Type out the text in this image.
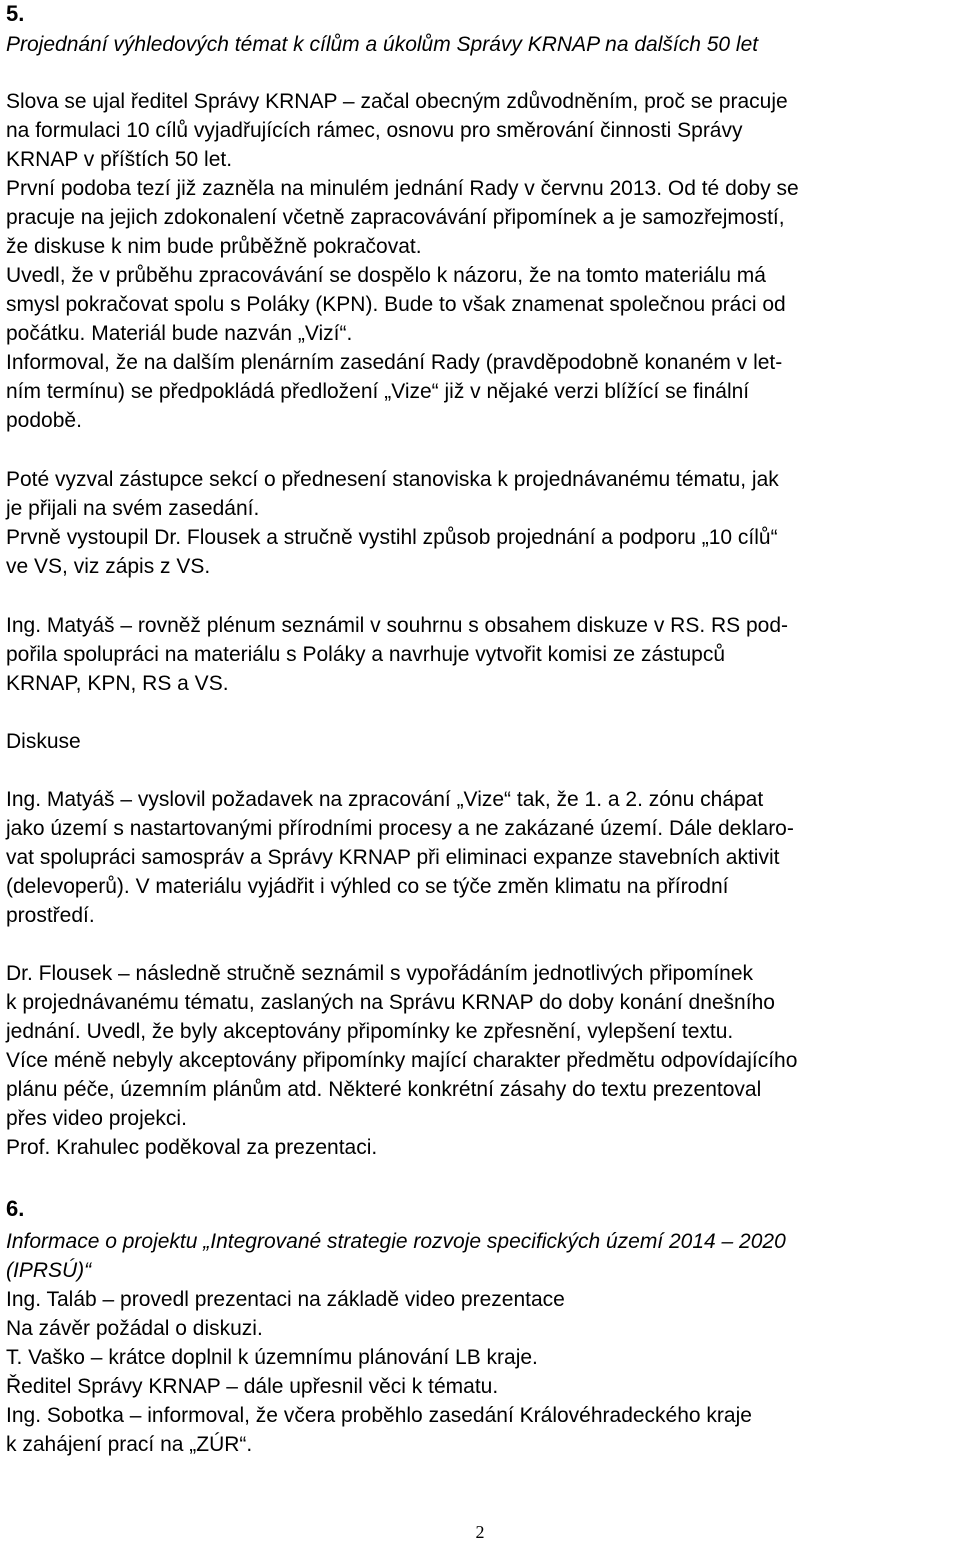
5.
Projednání výhledových témat k cílům a úkolům Správy KRNAP na dalších 50 let
Slova se ujal ředitel Správy KRNAP – začal obecným zdůvodněním, proč se pracuje
na formulaci 10 cílů vyjadřujících rámec, osnovu pro směrování činnosti Správy
KRNAP v příštích 50 let.
První podoba tezí již zazněla na minulém jednání Rady v červnu 2013. Od té doby se
pracuje na jejich zdokonalení včetně zapracovávání připomínek a je samozřejmostí,
že diskuse k nim bude průběžně pokračovat.
Uvedl, že v průběhu zpracovávání se dospělo k názoru, že na tomto materiálu má
smysl pokračovat spolu s Poláky (KPN). Bude to však znamenat společnou práci od
počátku. Materiál bude nazván „Vizí“.
Informoval, že na dalším plenárním zasedání Rady (pravděpodobně konaném v let-
ním termínu) se předpokládá předložení „Vize“ již v nějaké verzi blížící se finální
podobě.
Poté vyzval zástupce sekcí o přednesení stanoviska k projednávanému tématu, jak
je přijali na svém zasedání.
Prvně vystoupil Dr. Flousek a stručně vystihl způsob projednání a podporu „10 cílů“
ve VS, viz zápis z VS.
Ing. Matyáš – rovněž plénum seznámil v souhrnu s obsahem diskuze v RS. RS pod-
pořila spolupráci na materiálu s Poláky a navrhuje vytvořit komisi ze zástupců
KRNAP, KPN, RS a VS.
Diskuse
Ing. Matyáš – vyslovil požadavek na zpracování „Vize“ tak, že 1. a 2. zónu chápat
jako území s nastartovanými přírodními procesy a ne zakázané území. Dále deklaro-
vat spolupráci samospráv a Správy KRNAP při eliminaci expanze stavebních aktivit
(delevoperů). V materiálu vyjádřit i výhled co se týče změn klimatu na přírodní
prostředí.
Dr. Flousek – následně stručně seznámil s vypořádáním jednotlivých připomínek
k projednávanému tématu, zaslaných na Správu KRNAP do doby konání dnešního
jednání. Uvedl, že byly akceptovány připomínky ke zpřesnění, vylepšení textu.
Více méně nebyly akceptovány připomínky mající charakter předmětu odpovídajícího
plánu péče, územním plánům atd. Některé konkrétní zásahy do textu prezentoval
přes video projekci.
Prof. Krahulec poděkoval za prezentaci.
6.
Informace o projektu „Integrované strategie rozvoje specifických území 2014 – 2020
(IPRSÚ)“
Ing. Taláb – provedl prezentaci na základě video prezentace
Na závěr požádal o diskuzi.
T. Vaško – krátce doplnil k územnímu plánování LB kraje.
Ředitel Správy KRNAP – dále upřesnil věci k tématu.
Ing. Sobotka – informoval, že včera proběhlo zasedání Královéhradeckého kraje
k zahájení prací na „ZÚR“.
2
